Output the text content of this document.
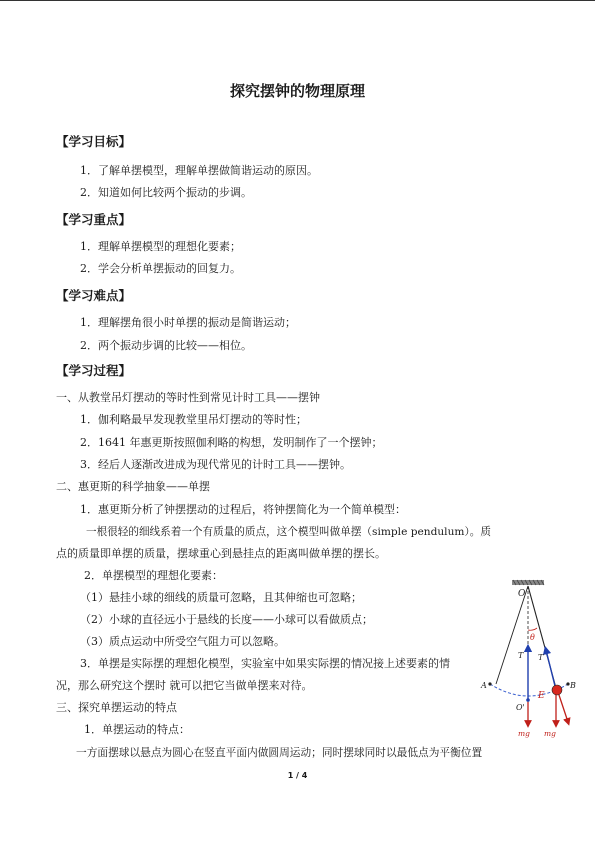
探究摆钟的物理原理
【学习目标】
1．了解单摆模型，理解单摆做简谐运动的原因。
2．知道如何比较两个振动的步调。
【学习重点】
1．理解单摆模型的理想化要素；
2．学会分析单摆振动的回复力。
【学习难点】
1．理解摆角很小时单摆的振动是简谐运动；
2．两个振动步调的比较——相位。
【学习过程】
一、从教堂吊灯摆动的等时性到常见计时工具——摆钟
1．伽利略最早发现教堂里吊灯摆动的等时性；
2．1641 年惠更斯按照伽利略的构想，发明制作了一个摆钟；
3．经后人逐渐改进成为现代常见的计时工具——摆钟。
二、惠更斯的科学抽象——单摆
1．惠更斯分析了钟摆摆动的过程后，将钟摆简化为一个简单模型：
一根很轻的细线系着一个有质量的质点，这个模型叫做单摆（simple pendulum）。质
点的质量即单摆的质量，摆球重心到悬挂点的距离叫做单摆的摆长。
2．单摆模型的理想化要素：
（1）悬挂小球的细线的质量可忽略，且其伸缩也可忽略；
（2）小球的直径远小于悬线的长度——小球可以看做质点；
（3）质点运动中所受空气阻力可以忽略。
3．单摆是实际摆的理想化模型，实验室中如果实际摆的情况接上述要素的情
况，那么研究这个摆时 就可以把它当做单摆来对待。
三、探究单摆运动的特点
1．单摆运动的特点：
一方面摆球以悬点为圆心在竖直平面内做圆周运动；同时摆球同时以最低点为平衡位置
O
θ
T T
A	B
E
O'
mg mg
1 / 4
